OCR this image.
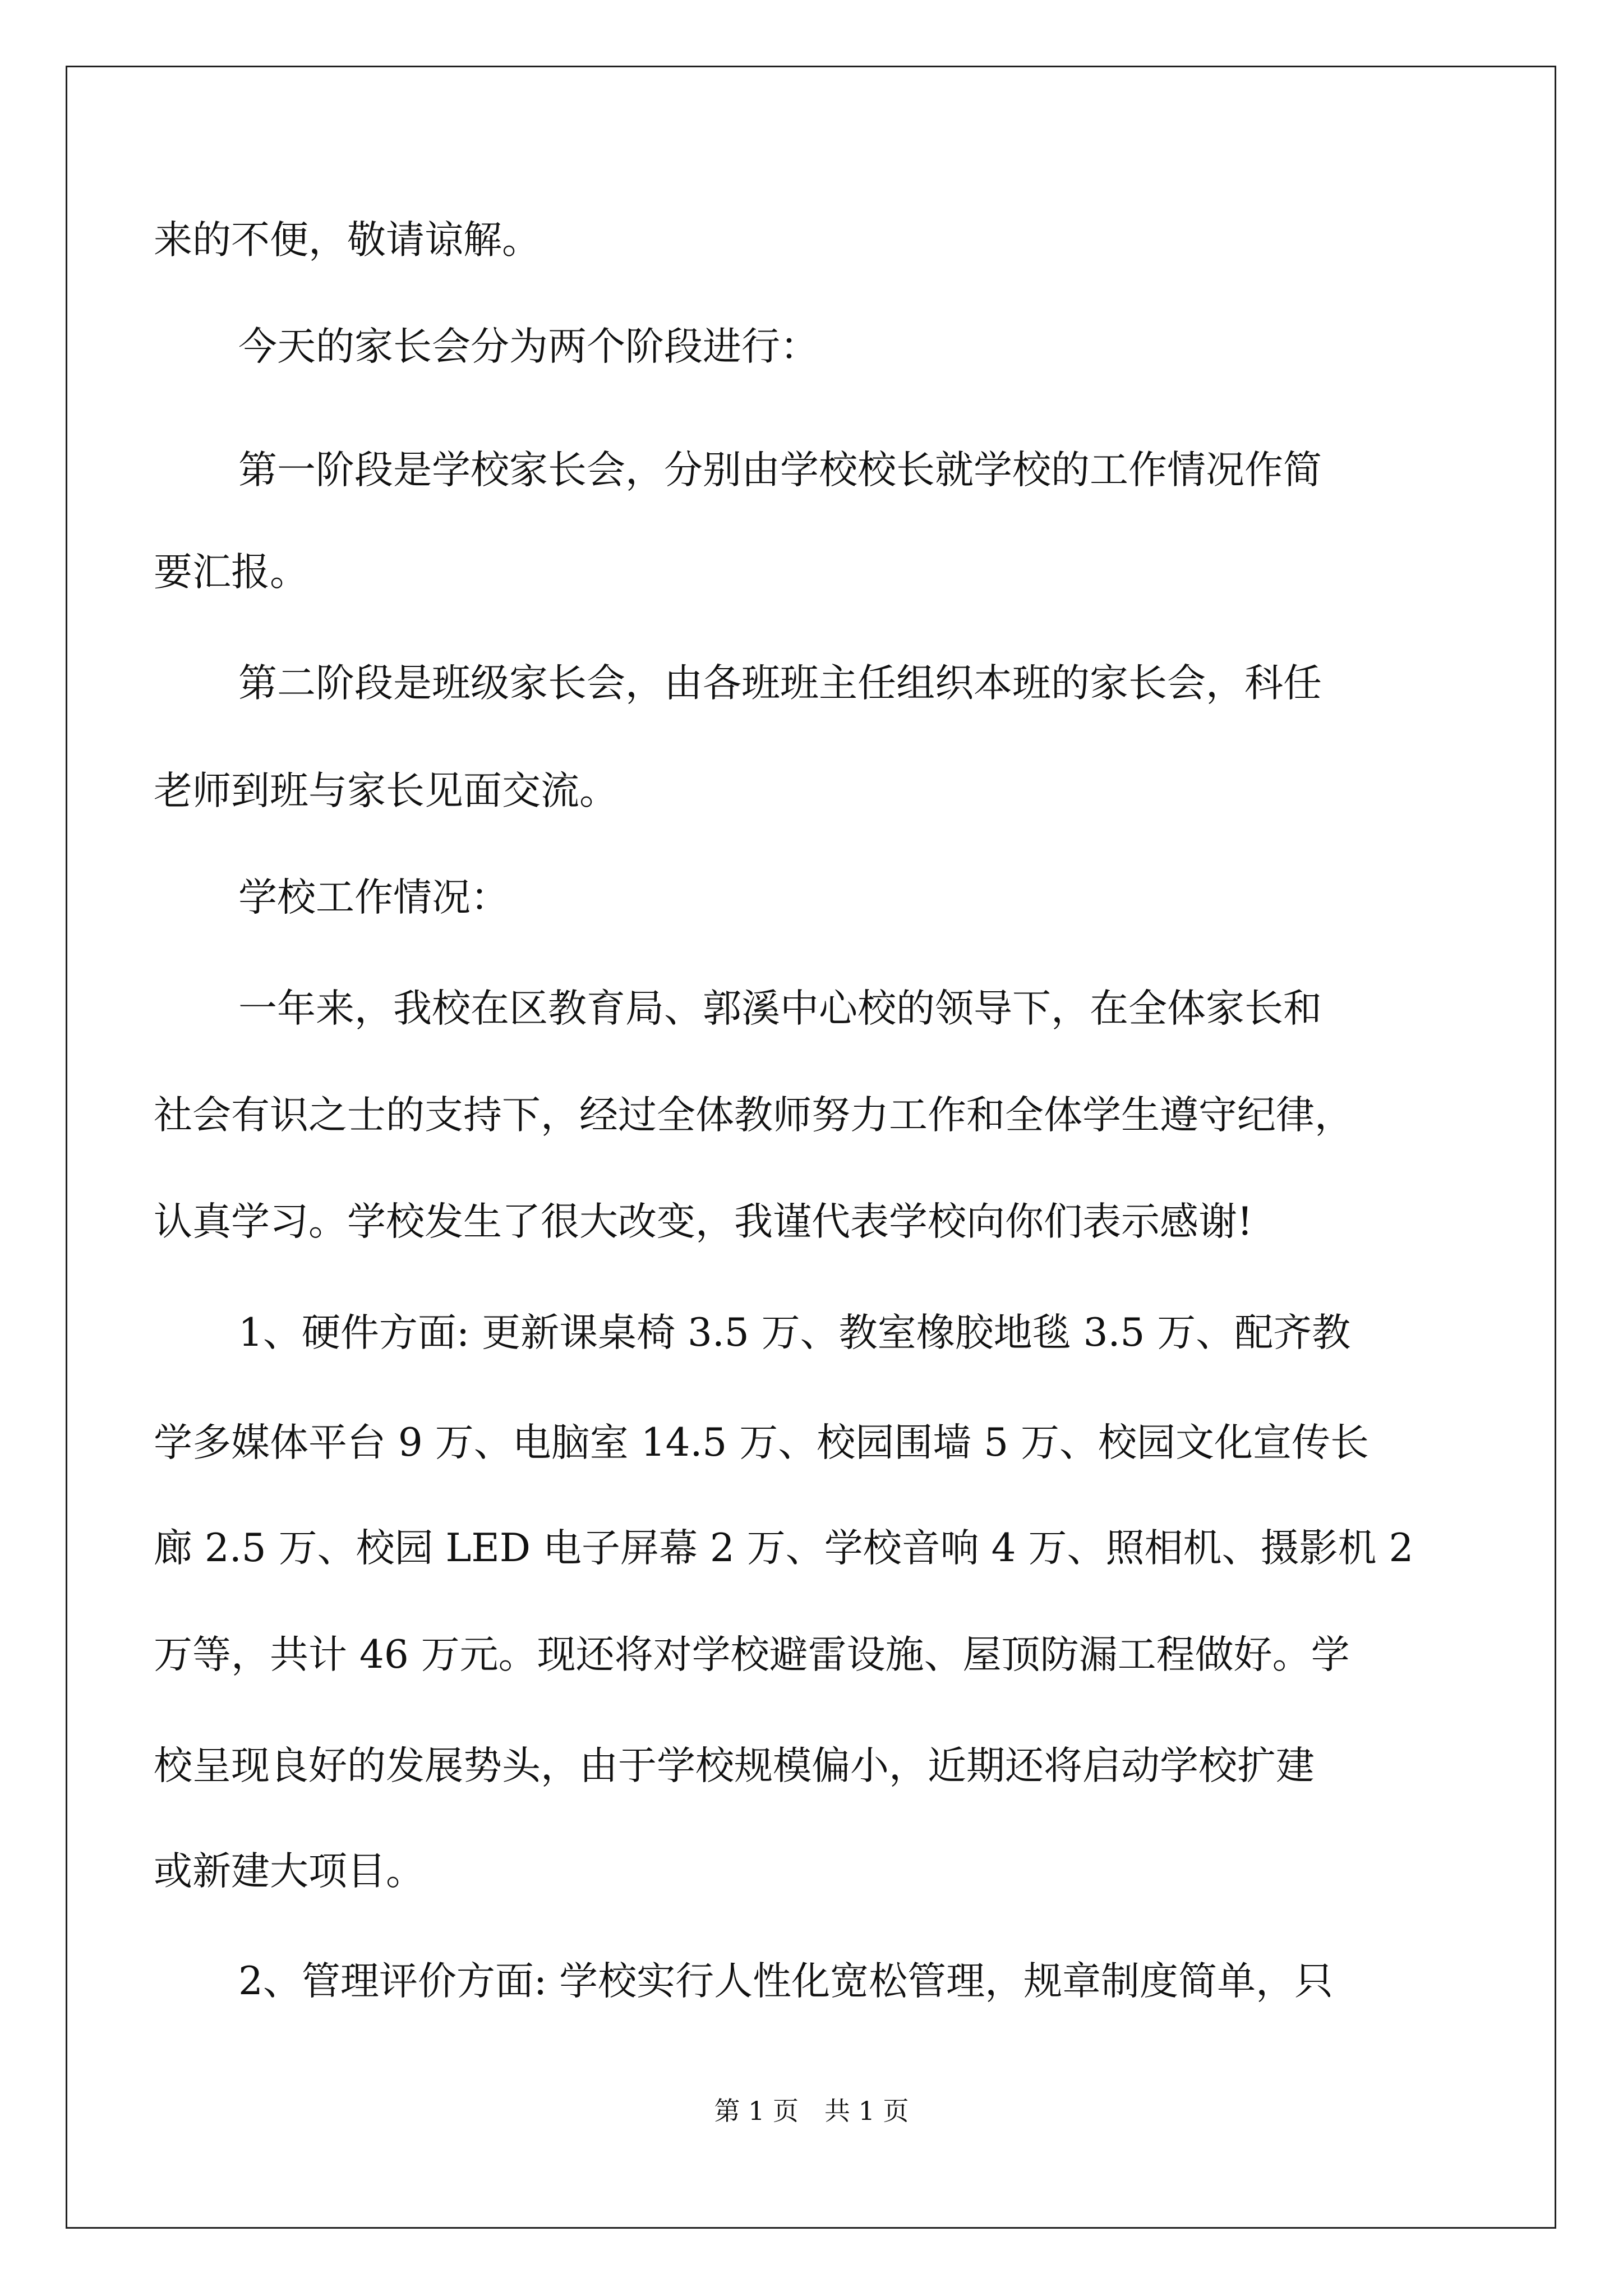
来的不便，敬请谅解。
今天的家长会分为两个阶段进行：
第一阶段是学校家长会，分别由学校校长就学校的工作情况作简
要汇报。
第二阶段是班级家长会，由各班班主任组织本班的家长会，科任
老师到班与家长见面交流。
学校工作情况：
一年来，我校在区教育局、郭溪中心校的领导下，在全体家长和
社会有识之士的支持下，经过全体教师努力工作和全体学生遵守纪律，
认真学习。学校发生了很大改变，我谨代表学校向你们表示感谢!
1、硬件方面: 更新课桌椅 3.5 万、教室橡胶地毯 3.5 万、配齐教
学多媒体平台 9 万、电脑室 14.5 万、校园围墙 5 万、校园文化宣传长
廊 2.5 万、校园 LED 电子屏幕 2 万、学校音响 4 万、照相机、摄影机 2
万等，共计 46 万元。现还将对学校避雷设施、屋顶防漏工程做好。学
校呈现良好的发展势头，由于学校规模偏小，近期还将启动学校扩建
或新建大项目。
2、管理评价方面: 学校实行人性化宽松管理，规章制度简单，只
第 1 页　共 1 页
